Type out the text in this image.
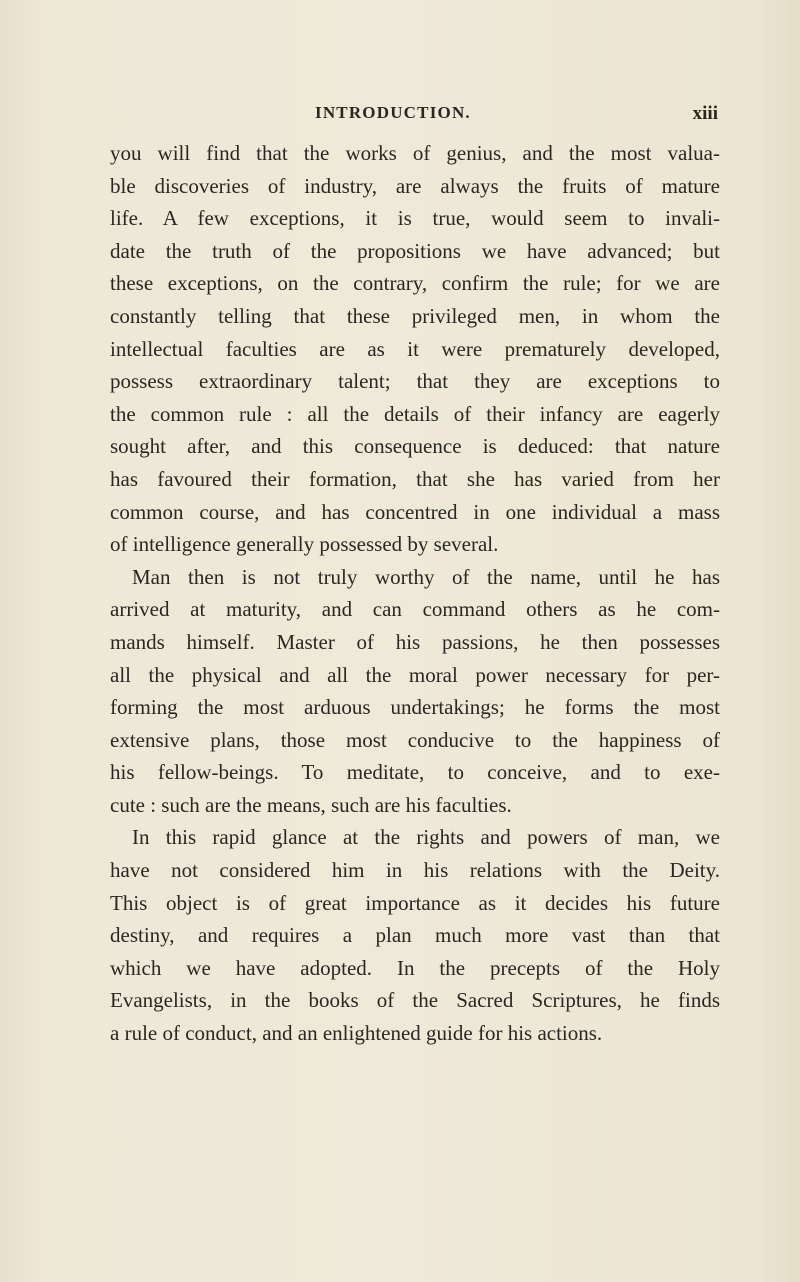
INTRODUCTION.	xiii
you will find that the works of genius, and the most valua-
ble discoveries of industry, are always the fruits of mature
life. A few exceptions, it is true, would seem to invali-
date the truth of the propositions we have advanced; but
these exceptions, on the contrary, confirm the rule; for we are
constantly telling that these privileged men, in whom the
intellectual faculties are as it were prematurely developed,
possess extraordinary talent; that they are exceptions to
the common rule : all the details of their infancy are eagerly
sought after, and this consequence is deduced: that nature
has favoured their formation, that she has varied from her
common course, and has concentred in one individual a mass
of intelligence generally possessed by several.
Man then is not truly worthy of the name, until he has
arrived at maturity, and can command others as he com-
mands himself. Master of his passions, he then possesses
all the physical and all the moral power necessary for per-
forming the most arduous undertakings; he forms the most
extensive plans, those most conducive to the happiness of
his fellow-beings. To meditate, to conceive, and to exe-
cute : such are the means, such are his faculties.
In this rapid glance at the rights and powers of man, we
have not considered him in his relations with the Deity.
This object is of great importance as it decides his future
destiny, and requires a plan much more vast than that
which we have adopted. In the precepts of the Holy
Evangelists, in the books of the Sacred Scriptures, he finds
a rule of conduct, and an enlightened guide for his actions.
